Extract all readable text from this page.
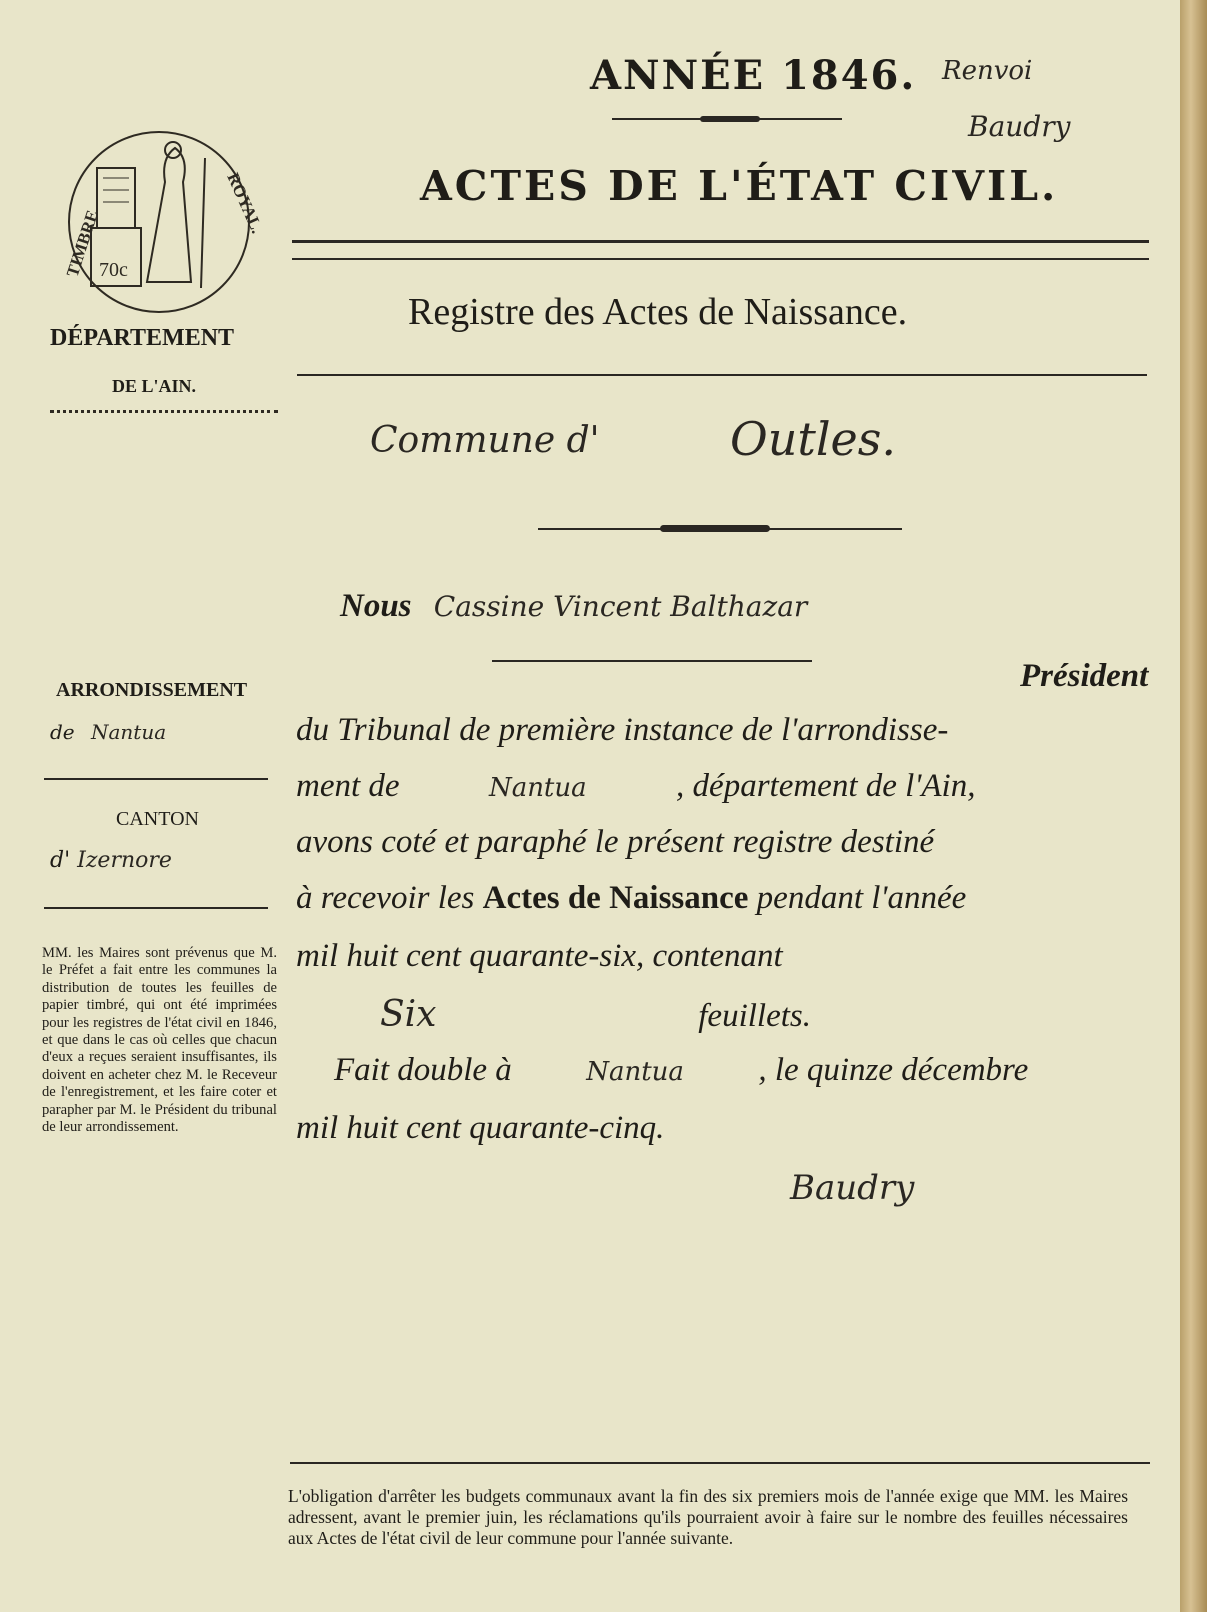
ANNÉE 1846. Renvoi
Baudry
ACTES DE L'ÉTAT CIVIL.
Registre des Actes de Naissance.
Commune d'	Outles.
TIMBRE
ROYAL.
70c
DÉPARTEMENT
DE L'AIN.
ARRONDISSEMENT
de Nantua
CANTON
d' Izernore
MM. les Maires sont prévenus que M. le Préfet a fait entre les communes la distribution de toutes les feuilles de papier timbré, qui ont été imprimées pour les registres de l'état civil en 1846, et que dans le cas où celles que chacun d'eux a reçues seraient insuffisantes, ils doivent en acheter chez M. le Receveur de l'enregistrement, et les faire coter et parapher par M. le Président du tribunal de leur arrondissement.
Nous Cassine Vincent Balthazar
Président
du Tribunal de première instance de l'arrondisse-
ment de	Nantua	, département de l'Ain,
avons coté et paraphé le présent registre destiné
à recevoir les Actes de Naissance pendant l'année
mil huit cent quarante-six, contenant
Six	feuillets.
Fait double à	Nantua , le quinze décembre
mil huit cent quarante-cinq.
Baudry
L'obligation d'arrêter les budgets communaux avant la fin des six premiers mois de l'année exige que MM. les Maires adressent, avant le premier juin, les réclamations qu'ils pourraient avoir à faire sur le nombre des feuilles nécessaires aux Actes de l'état civil de leur commune pour l'année suivante.
